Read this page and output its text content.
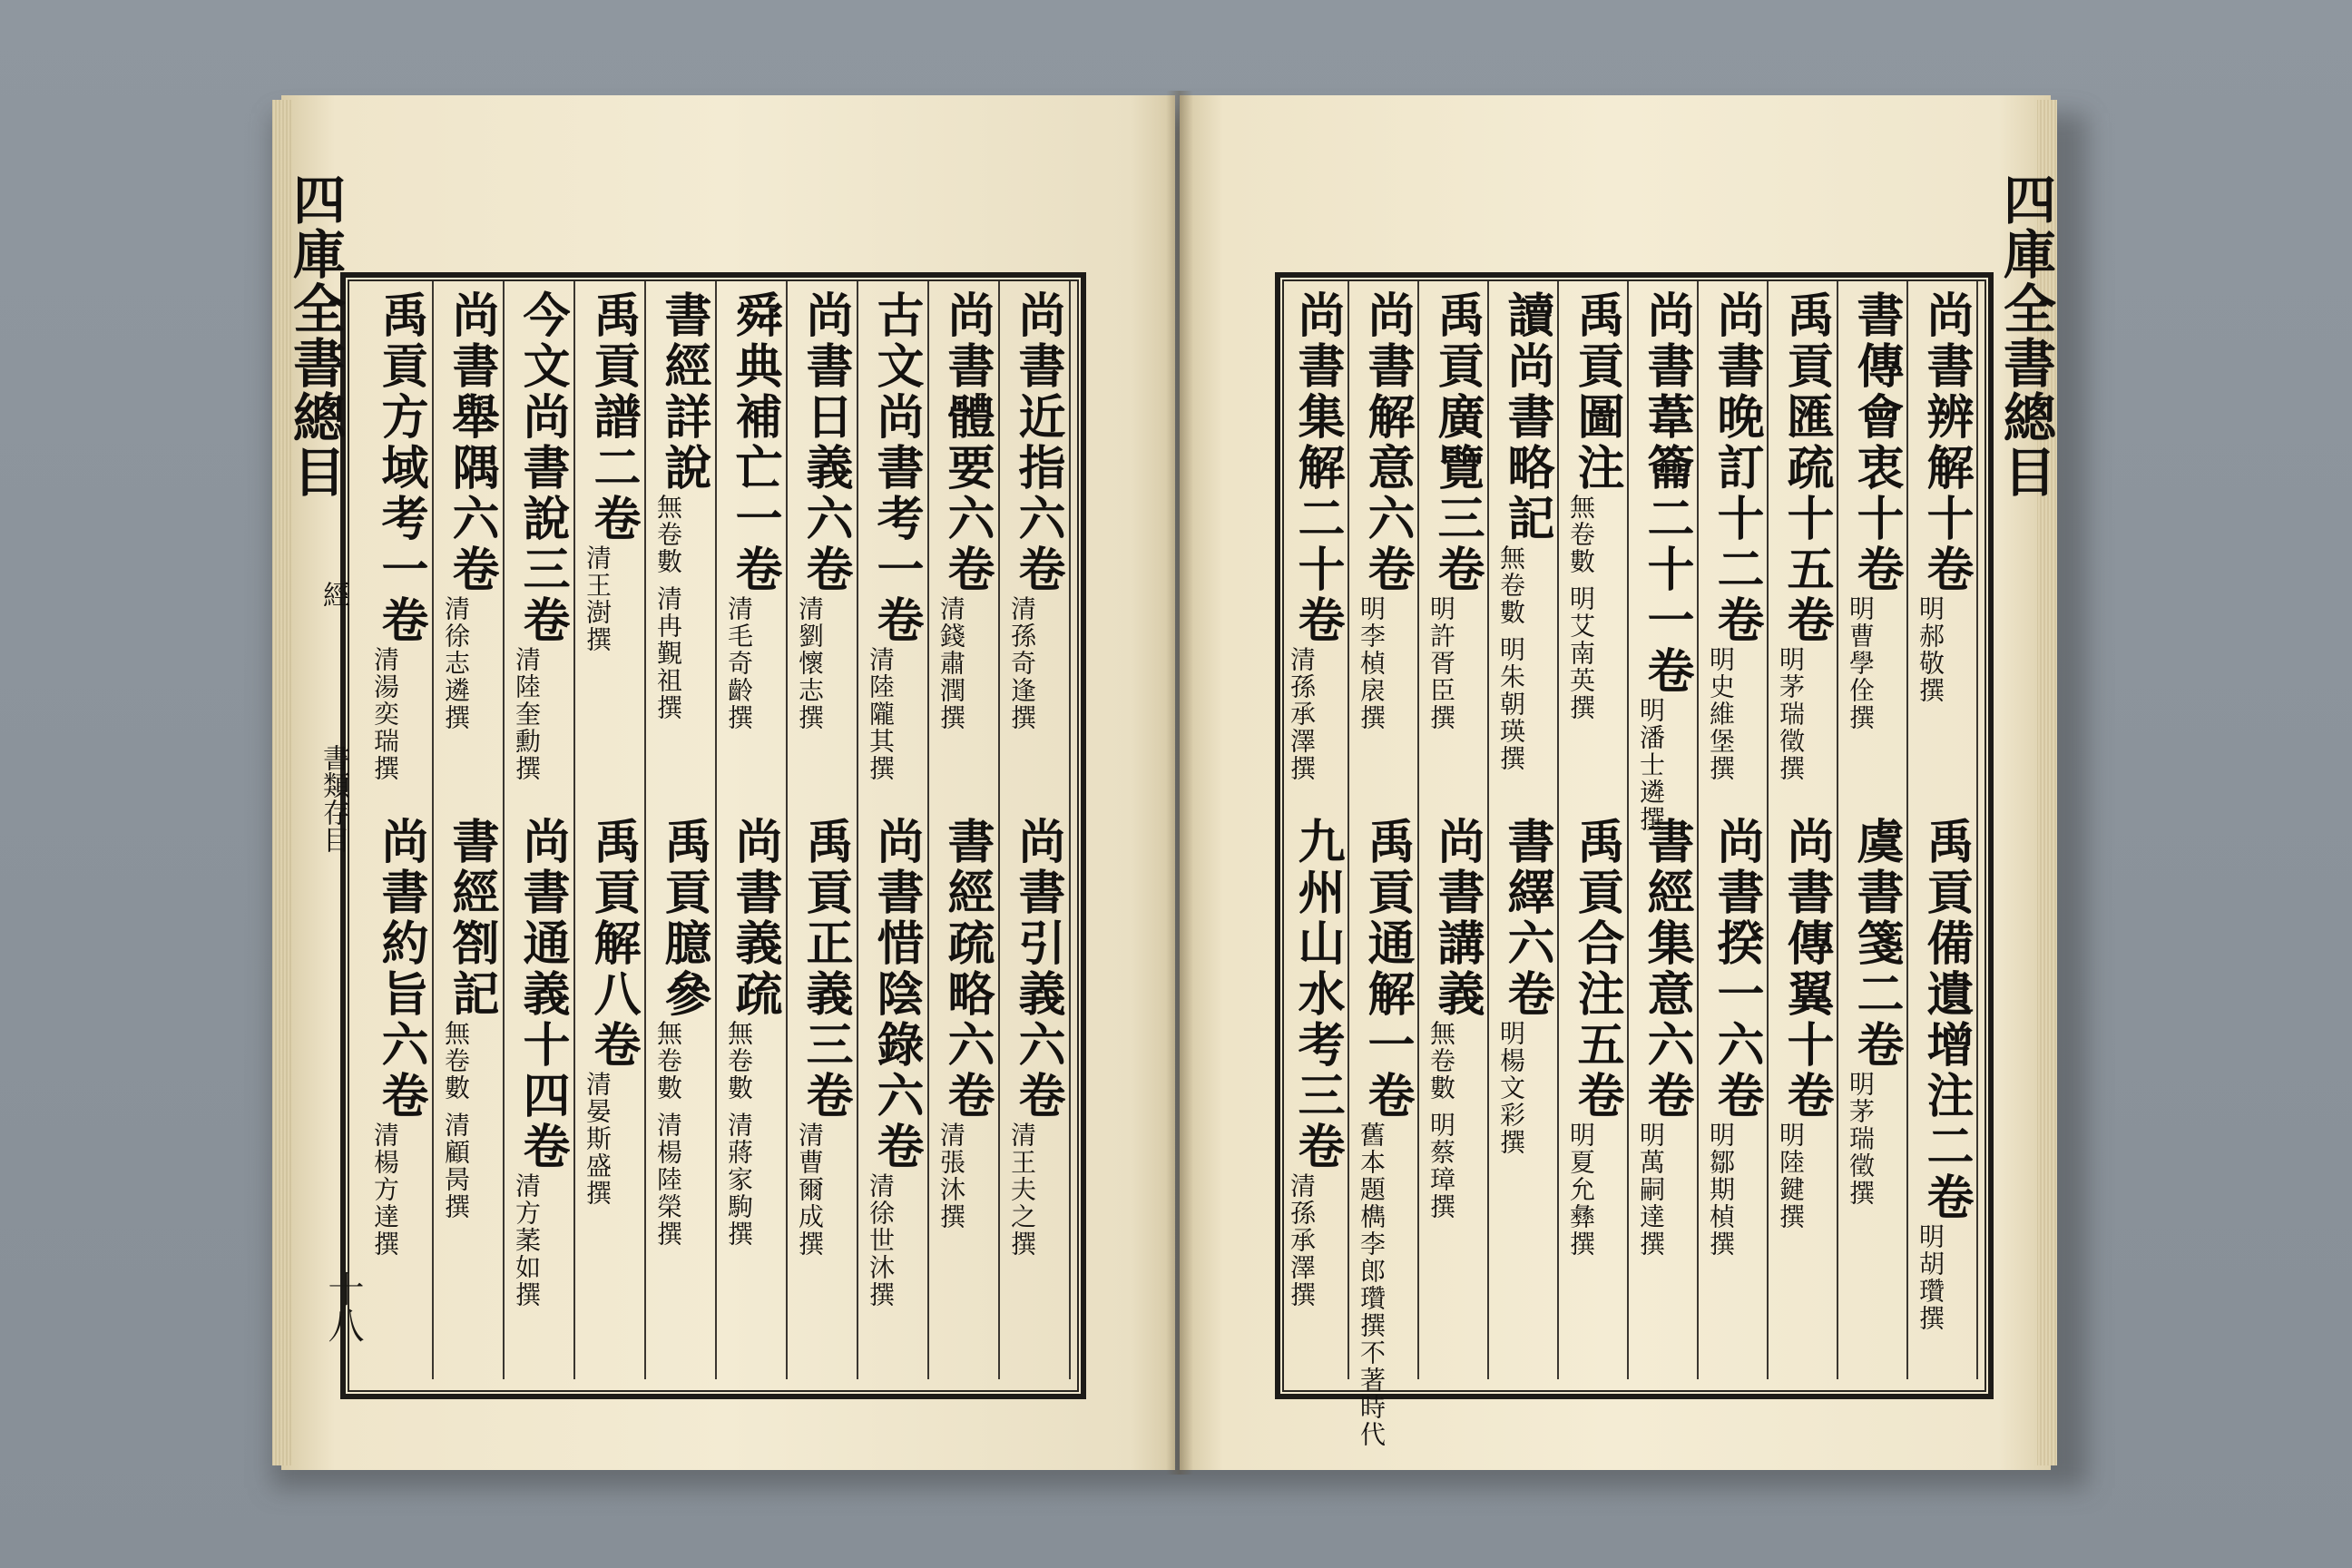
尚書近指六卷
清孫奇逢撰
尚書引義六卷
清王夫之撰
尚書體要六卷
清錢肅潤撰
書經疏略六卷
清張沐撰
古文尚書考一卷
清陸隴其撰
尚書惜陰錄六卷
清徐世沐撰
尚書日義六卷
清劉懷志撰
禹貢正義三卷
清曹爾成撰
舜典補亡一卷
清毛奇齡撰
尚書義疏
無卷數 清蔣家駒撰
書經詳說
無卷數 清冉覲祖撰
禹貢臆參
無卷數 清楊陸榮撰
禹貢譜二卷
清王澍撰
禹貢解八卷
清晏斯盛撰
今文尚書說三卷
清陸奎勳撰
尚書通義十四卷
清方葇如撰
尚書舉隅六卷
清徐志遴撰
書經劄記
無卷數 清顧昺撰
禹貢方域考一卷
清湯奕瑞撰
尚書約旨六卷
清楊方達撰
四庫全書總目
經
書類存目
十八
尚書辨解十卷
明郝敬撰
禹貢備遺增注二卷
明胡瓚撰
書傳會衷十卷
明曹學佺撰
虞書箋二卷
明茅瑞徵撰
禹貢匯疏十五卷
明茅瑞徵撰
尚書傳翼十卷
明陸鍵撰
尚書晚訂十二卷
明史維堡撰
尚書揆一六卷
明鄒期楨撰
尚書葦籥二十一卷
明潘士遴撰
書經集意六卷
明萬嗣達撰
禹貢圖注
無卷數 明艾南英撰
禹貢合注五卷
明夏允彝撰
讀尚書略記
無卷數 明朱朝瑛撰
書繹六卷
明楊文彩撰
禹貢廣覽三卷
明許胥臣撰
尚書講義
無卷數 明蔡璋撰
尚書解意六卷
明李楨扆撰
禹貢通解一卷
舊本題檇李郎瓚撰不著時代
尚書集解二十卷
清孫承澤撰
九州山水考三卷
清孫承澤撰
四庫全書總目
